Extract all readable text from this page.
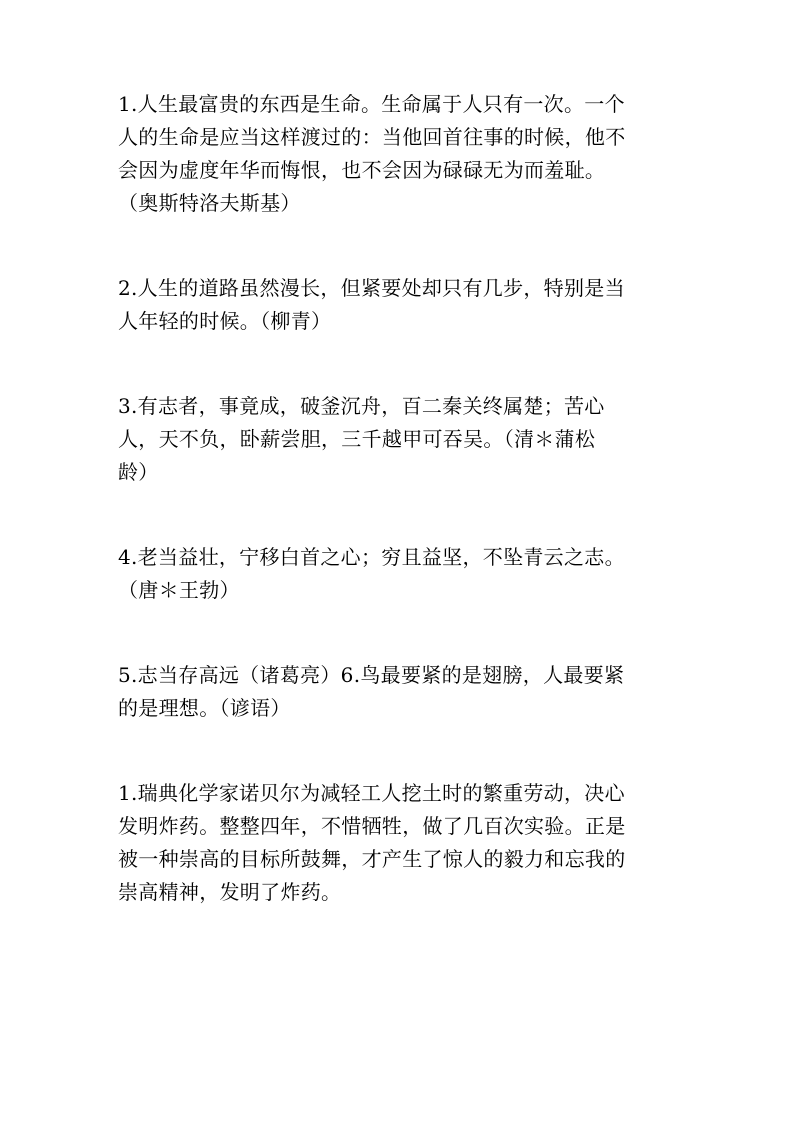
1.人生最富贵的东西是生命。生命属于人只有一次。一个
人的生命是应当这样渡过的：当他回首往事的时候，他不
会因为虚度年华而悔恨，也不会因为碌碌无为而羞耻。
（奥斯特洛夫斯基）

2.人生的道路虽然漫长，但紧要处却只有几步，特别是当
人年轻的时候。（柳青）

3.有志者，事竟成，破釜沉舟，百二秦关终属楚；苦心
人，天不负，卧薪尝胆，三千越甲可吞吴。（清＊蒲松
龄）

4.老当益壮，宁移白首之心；穷且益坚，不坠青云之志。
（唐＊王勃）

5.志当存高远（诸葛亮）6.鸟最要紧的是翅膀，人最要紧
的是理想。（谚语）

1.瑞典化学家诺贝尔为减轻工人挖土时的繁重劳动，决心
发明炸药。整整四年，不惜牺牲，做了几百次实验。正是
被一种崇高的目标所鼓舞，才产生了惊人的毅力和忘我的
崇高精神，发明了炸药。
